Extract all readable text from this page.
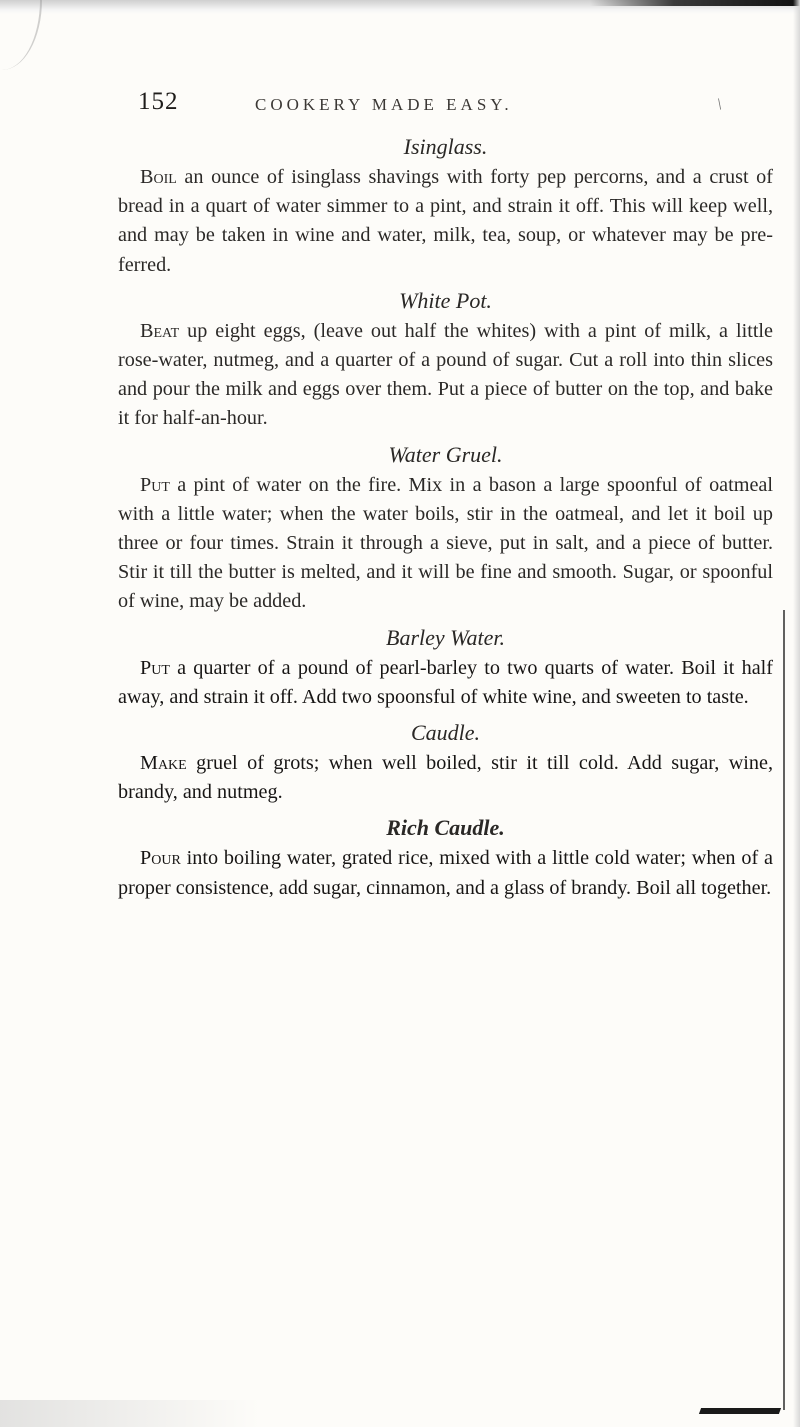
/
152	COOKERY MADE EASY.

Isinglass.

Boil an ounce of isinglass shavings with forty pep percorns, and a crust of bread in a quart of water simmer to a pint, and strain it off. This will keep well, and may be taken in wine and water, milk, tea, soup, or whatever may be pre- ferred.

White Pot.

Beat up eight eggs, (leave out half the whites) with a pint of milk, a little rose-water, nutmeg, and a quarter of a pound of sugar. Cut a roll into thin slices and pour the milk and eggs over them. Put a piece of butter on the top, and bake it for half-an-hour.

Water Gruel.

Put a pint of water on the fire. Mix in a bason a large spoonful of oatmeal with a little water; when the water boils, stir in the oatmeal, and let it boil up three or four times. Strain it through a sieve, put in salt, and a piece of butter. Stir it till the butter is melted, and it will be fine and smooth. Sugar, or spoonful of wine, may be added.

Barley Water.

Put a quarter of a pound of pearl-barley to two quarts of water. Boil it half away, and strain it off. Add two spoonsful of white wine, and sweeten to taste.

Caudle.

Make gruel of grots; when well boiled, stir it till cold. Add sugar, wine, brandy, and nutmeg.

Rich Caudle.

Pour into boiling water, grated rice, mixed with a little cold water; when of a proper consistence, add sugar, cinnamon, and a glass of brandy. Boil all together.
